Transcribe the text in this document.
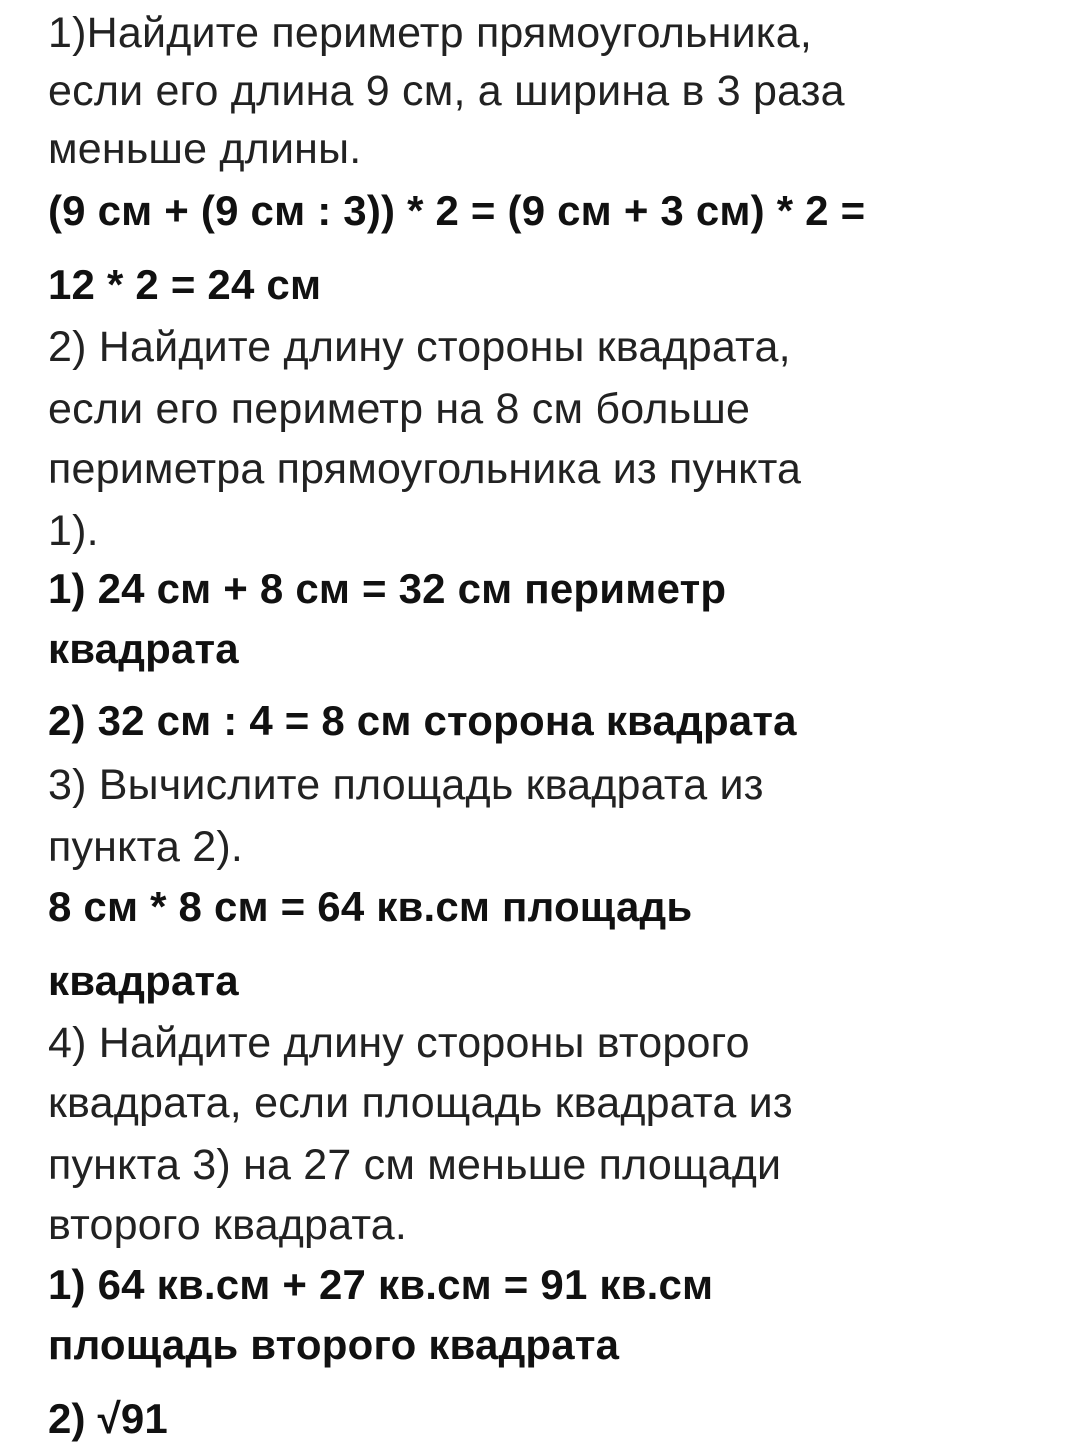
1)Найдите периметр прямоугольника,
если его длина 9 см, а ширина в 3 раза
меньше длины.
(9 см + (9 см : 3)) * 2 = (9 см + 3 см) * 2 =
12 * 2 = 24 см
2) Найдите длину стороны квадрата,
если его периметр на 8 см больше
периметра прямоугольника из пункта
1).
1) 24 см + 8 см = 32 см периметр
квадрата
2) 32 см : 4 = 8 см сторона квадрата
3) Вычислите площадь квадрата из
пункта 2).
8 см * 8 см = 64 кв.см площадь
квадрата
4) Найдите длину стороны второго
квадрата, если площадь квадрата из
пункта 3) на 27 см меньше площади
второго квадрата.
1) 64 кв.см + 27 кв.см = 91 кв.см
площадь второго квадрата
2) √91
